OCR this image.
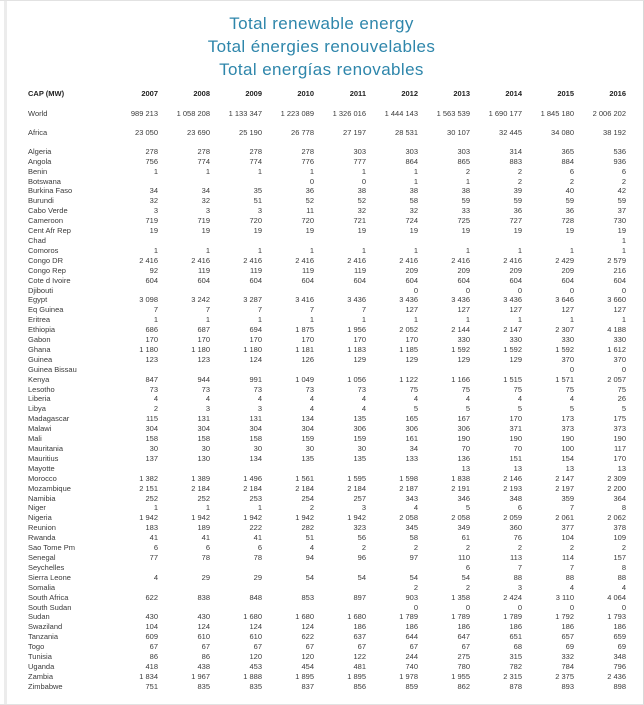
Total renewable energy
Total énergies renouvelables
Total energías renovables
CAP (MW)	2007	2008	2009	2010	2011	2012	2013	2014	2015	2016
World	989 213	1 058 208	1 133 347	1 223 089	1 326 016	1 444 143	1 563 539	1 690 177	1 845 180	2 006 202
Africa	23 050	23 690	25 190	26 778	27 197	28 531	30 107	32 445	34 080	38 192
Algeria	278	278	278	278	303	303	303	314	365	536
Angola	756	774	774	776	777	864	865	883	884	936
Benin	1	1	1	1	1	1	2	2	6	6
Botswana				0	0	1	1	2	2	2
Burkina Faso	34	34	35	36	38	38	38	39	40	42
Burundi	32	32	51	52	52	58	59	59	59	59
Cabo Verde	3	3	3	11	32	32	33	36	36	37
Cameroon	719	719	720	720	721	724	725	727	728	730
Cent Afr Rep	19	19	19	19	19	19	19	19	19	19
Chad										1
Comoros	1	1	1	1	1	1	1	1	1	1
Congo DR	2 416	2 416	2 416	2 416	2 416	2 416	2 416	2 416	2 429	2 579
Congo Rep	92	119	119	119	119	209	209	209	209	216
Cote d Ivoire	604	604	604	604	604	604	604	604	604	604
Djibouti						0	0	0	0	0
Egypt	3 098	3 242	3 287	3 416	3 436	3 436	3 436	3 436	3 646	3 660
Eq Guinea	7	7	7	7	7	127	127	127	127	127
Eritrea	1	1	1	1	1	1	1	1	1	1
Ethiopia	686	687	694	1 875	1 956	2 052	2 144	2 147	2 307	4 188
Gabon	170	170	170	170	170	170	330	330	330	330
Ghana	1 180	1 180	1 180	1 181	1 183	1 185	1 592	1 592	1 592	1 612
Guinea	123	123	124	126	129	129	129	129	370	370
Guinea Bissau									0	0
Kenya	847	944	991	1 049	1 056	1 122	1 166	1 515	1 571	2 057
Lesotho	73	73	73	73	73	75	75	75	75	75
Liberia	4	4	4	4	4	4	4	4	4	26
Libya	2	3	3	4	4	5	5	5	5	5
Madagascar	115	131	131	134	135	165	167	170	173	175
Malawi	304	304	304	304	306	306	306	371	373	373
Mali	158	158	158	159	159	161	190	190	190	190
Mauritania	30	30	30	30	30	34	70	70	100	117
Mauritius	137	130	134	135	135	133	136	151	154	170
Mayotte							13	13	13	13
Morocco	1 382	1 389	1 496	1 561	1 595	1 598	1 838	2 146	2 147	2 309
Mozambique	2 151	2 184	2 184	2 184	2 184	2 187	2 191	2 193	2 197	2 200
Namibia	252	252	253	254	257	343	346	348	359	364
Niger	1	1	1	2	3	4	5	6	7	8
Nigeria	1 942	1 942	1 942	1 942	1 942	2 058	2 058	2 059	2 061	2 062
Reunion	183	189	222	282	323	345	349	360	377	378
Rwanda	41	41	41	51	56	58	61	76	104	109
Sao Tome Pm	6	6	6	4	2	2	2	2	2	2
Senegal	77	78	78	94	96	97	110	113	114	157
Seychelles							6	7	7	8
Sierra Leone	4	29	29	54	54	54	54	88	88	88
Somalia						2	2	3	4	4
South Africa	622	838	848	853	897	903	1 358	2 424	3 110	4 064
South Sudan						0	0	0	0	0
Sudan	430	430	1 680	1 680	1 680	1 789	1 789	1 789	1 792	1 793
Swaziland	104	124	124	124	186	186	186	186	186	186
Tanzania	609	610	610	622	637	644	647	651	657	659
Togo	67	67	67	67	67	67	67	68	69	69
Tunisia	86	86	120	120	122	244	275	315	332	348
Uganda	418	438	453	454	481	740	780	782	784	796
Zambia	1 834	1 967	1 888	1 895	1 895	1 978	1 955	2 315	2 375	2 436
Zimbabwe	751	835	835	837	856	859	862	878	893	898
